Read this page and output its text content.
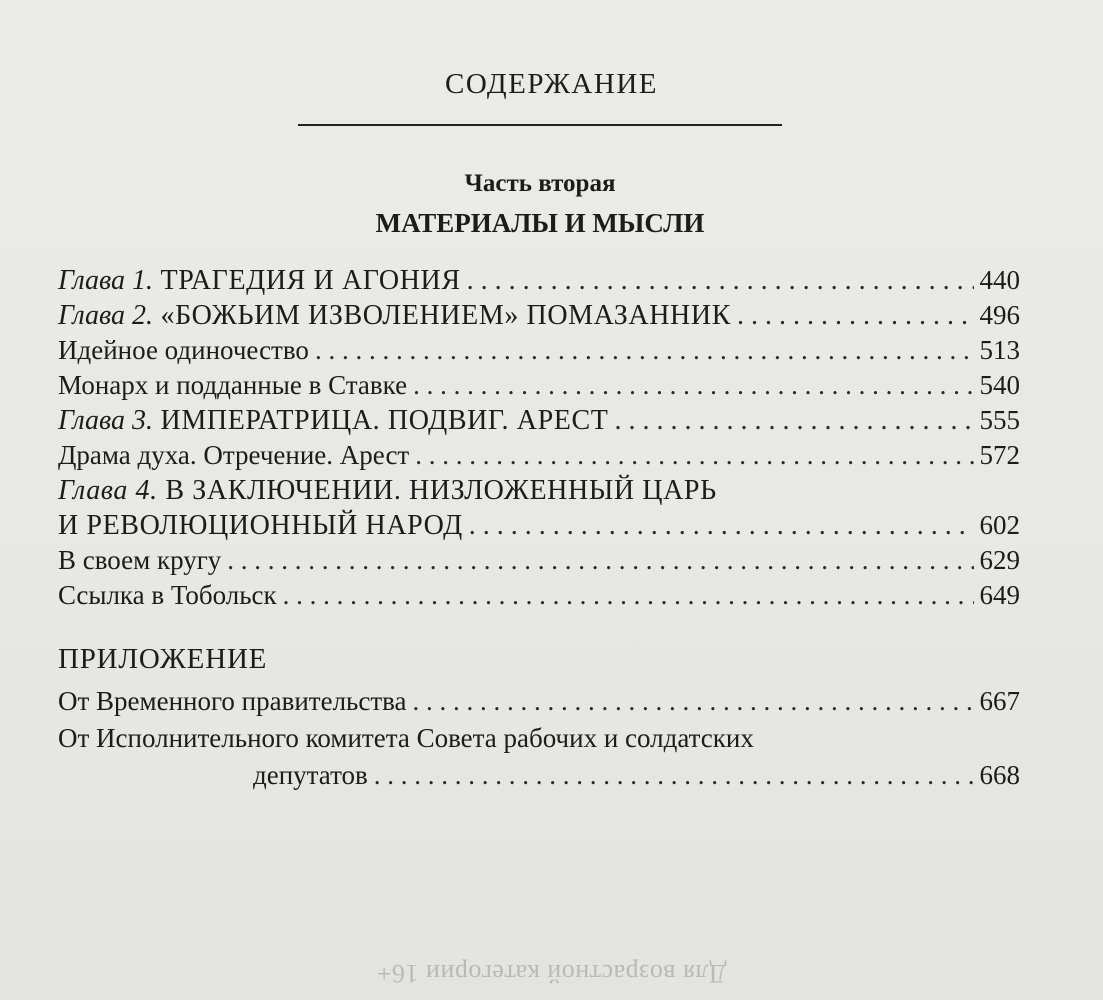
СОДЕРЖАНИЕ
Часть вторая
МАТЕРИАЛЫ И МЫСЛИ
Глава 1. ТРАГЕДИЯ И АГОНИЯ . . .	440
Глава 2. «БОЖЬИМ ИЗВОЛЕНИЕМ» ПОМАЗАННИК . . .	496
Идейное одиночество . . .	513
Монарх и подданные в Ставке . . .	540
Глава 3. ИМПЕРАТРИЦА. ПОДВИГ. АРЕСТ . . .	555
Драма духа. Отречение. Арест . . .	572
Глава 4. В ЗАКЛЮЧЕНИИ. НИЗЛОЖЕННЫЙ ЦАРЬ
И РЕВОЛЮЦИОННЫЙ НАРОД . . .	602
В своем кругу . . .	629
Ссылка в Тобольск . . .	649
ПРИЛОЖЕНИЕ
От Временного правительства . . .	667
От Исполнительного комитета Совета рабочих и солдатских
депутатов . . .	668
Для возрастной категории 16+
